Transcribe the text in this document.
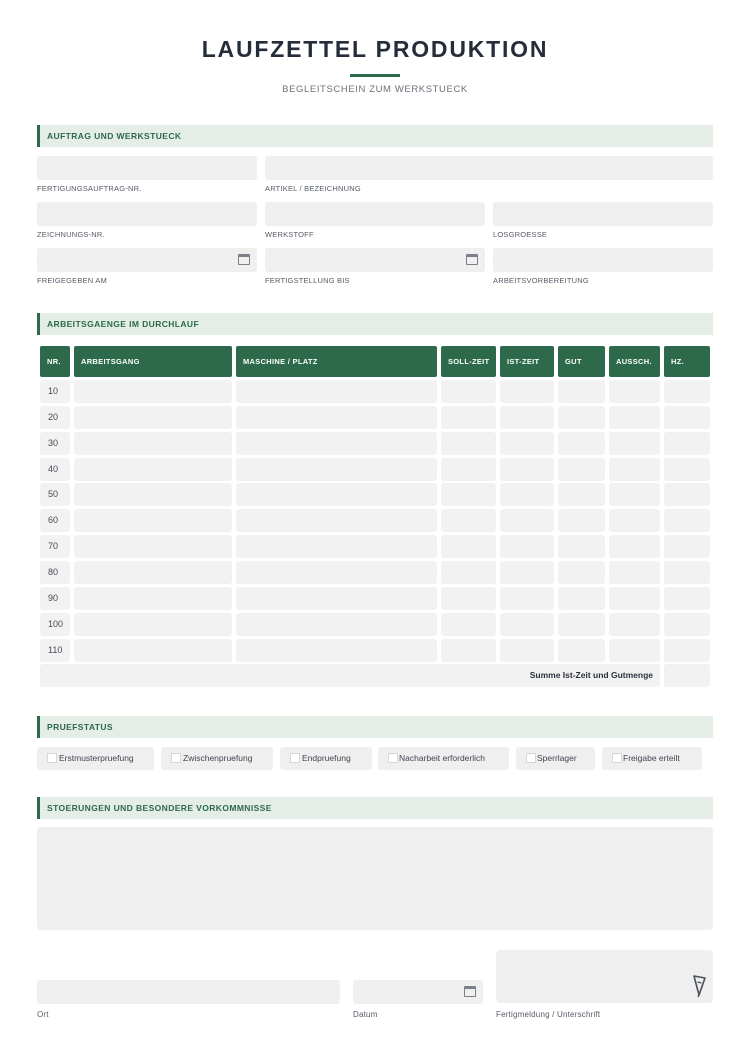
LAUFZETTEL PRODUKTION
BEGLEITSCHEIN ZUM WERKSTUECK
AUFTRAG UND WERKSTUECK
FERTIGUNGSAUFTRAG-NR.	ARTIKEL / BEZEICHNUNG
ZEICHNUNGS-NR.	WERKSTOFF	LOSGROESSE
FREIGEGEBEN AM	FERTIGSTELLUNG BIS	ARBEITSVORBEREITUNG
ARBEITSGAENGE IM DURCHLAUF
NR.	ARBEITSGANG	MASCHINE / PLATZ	SOLL-ZEIT	IST-ZEIT	GUT	AUSSCH.	HZ.
10
20
30
40
50
60
70
80
90
100
110
Summe Ist-Zeit und Gutmenge
PRUEFSTATUS
Erstmusterpruefung	Zwischenpruefung	Endpruefung	Nacharbeit erforderlich	Sperrlager	Freigabe erteilt
STOERUNGEN UND BESONDERE VORKOMMNISSE
Ort	Datum	Fertigmeldung / Unterschrift
